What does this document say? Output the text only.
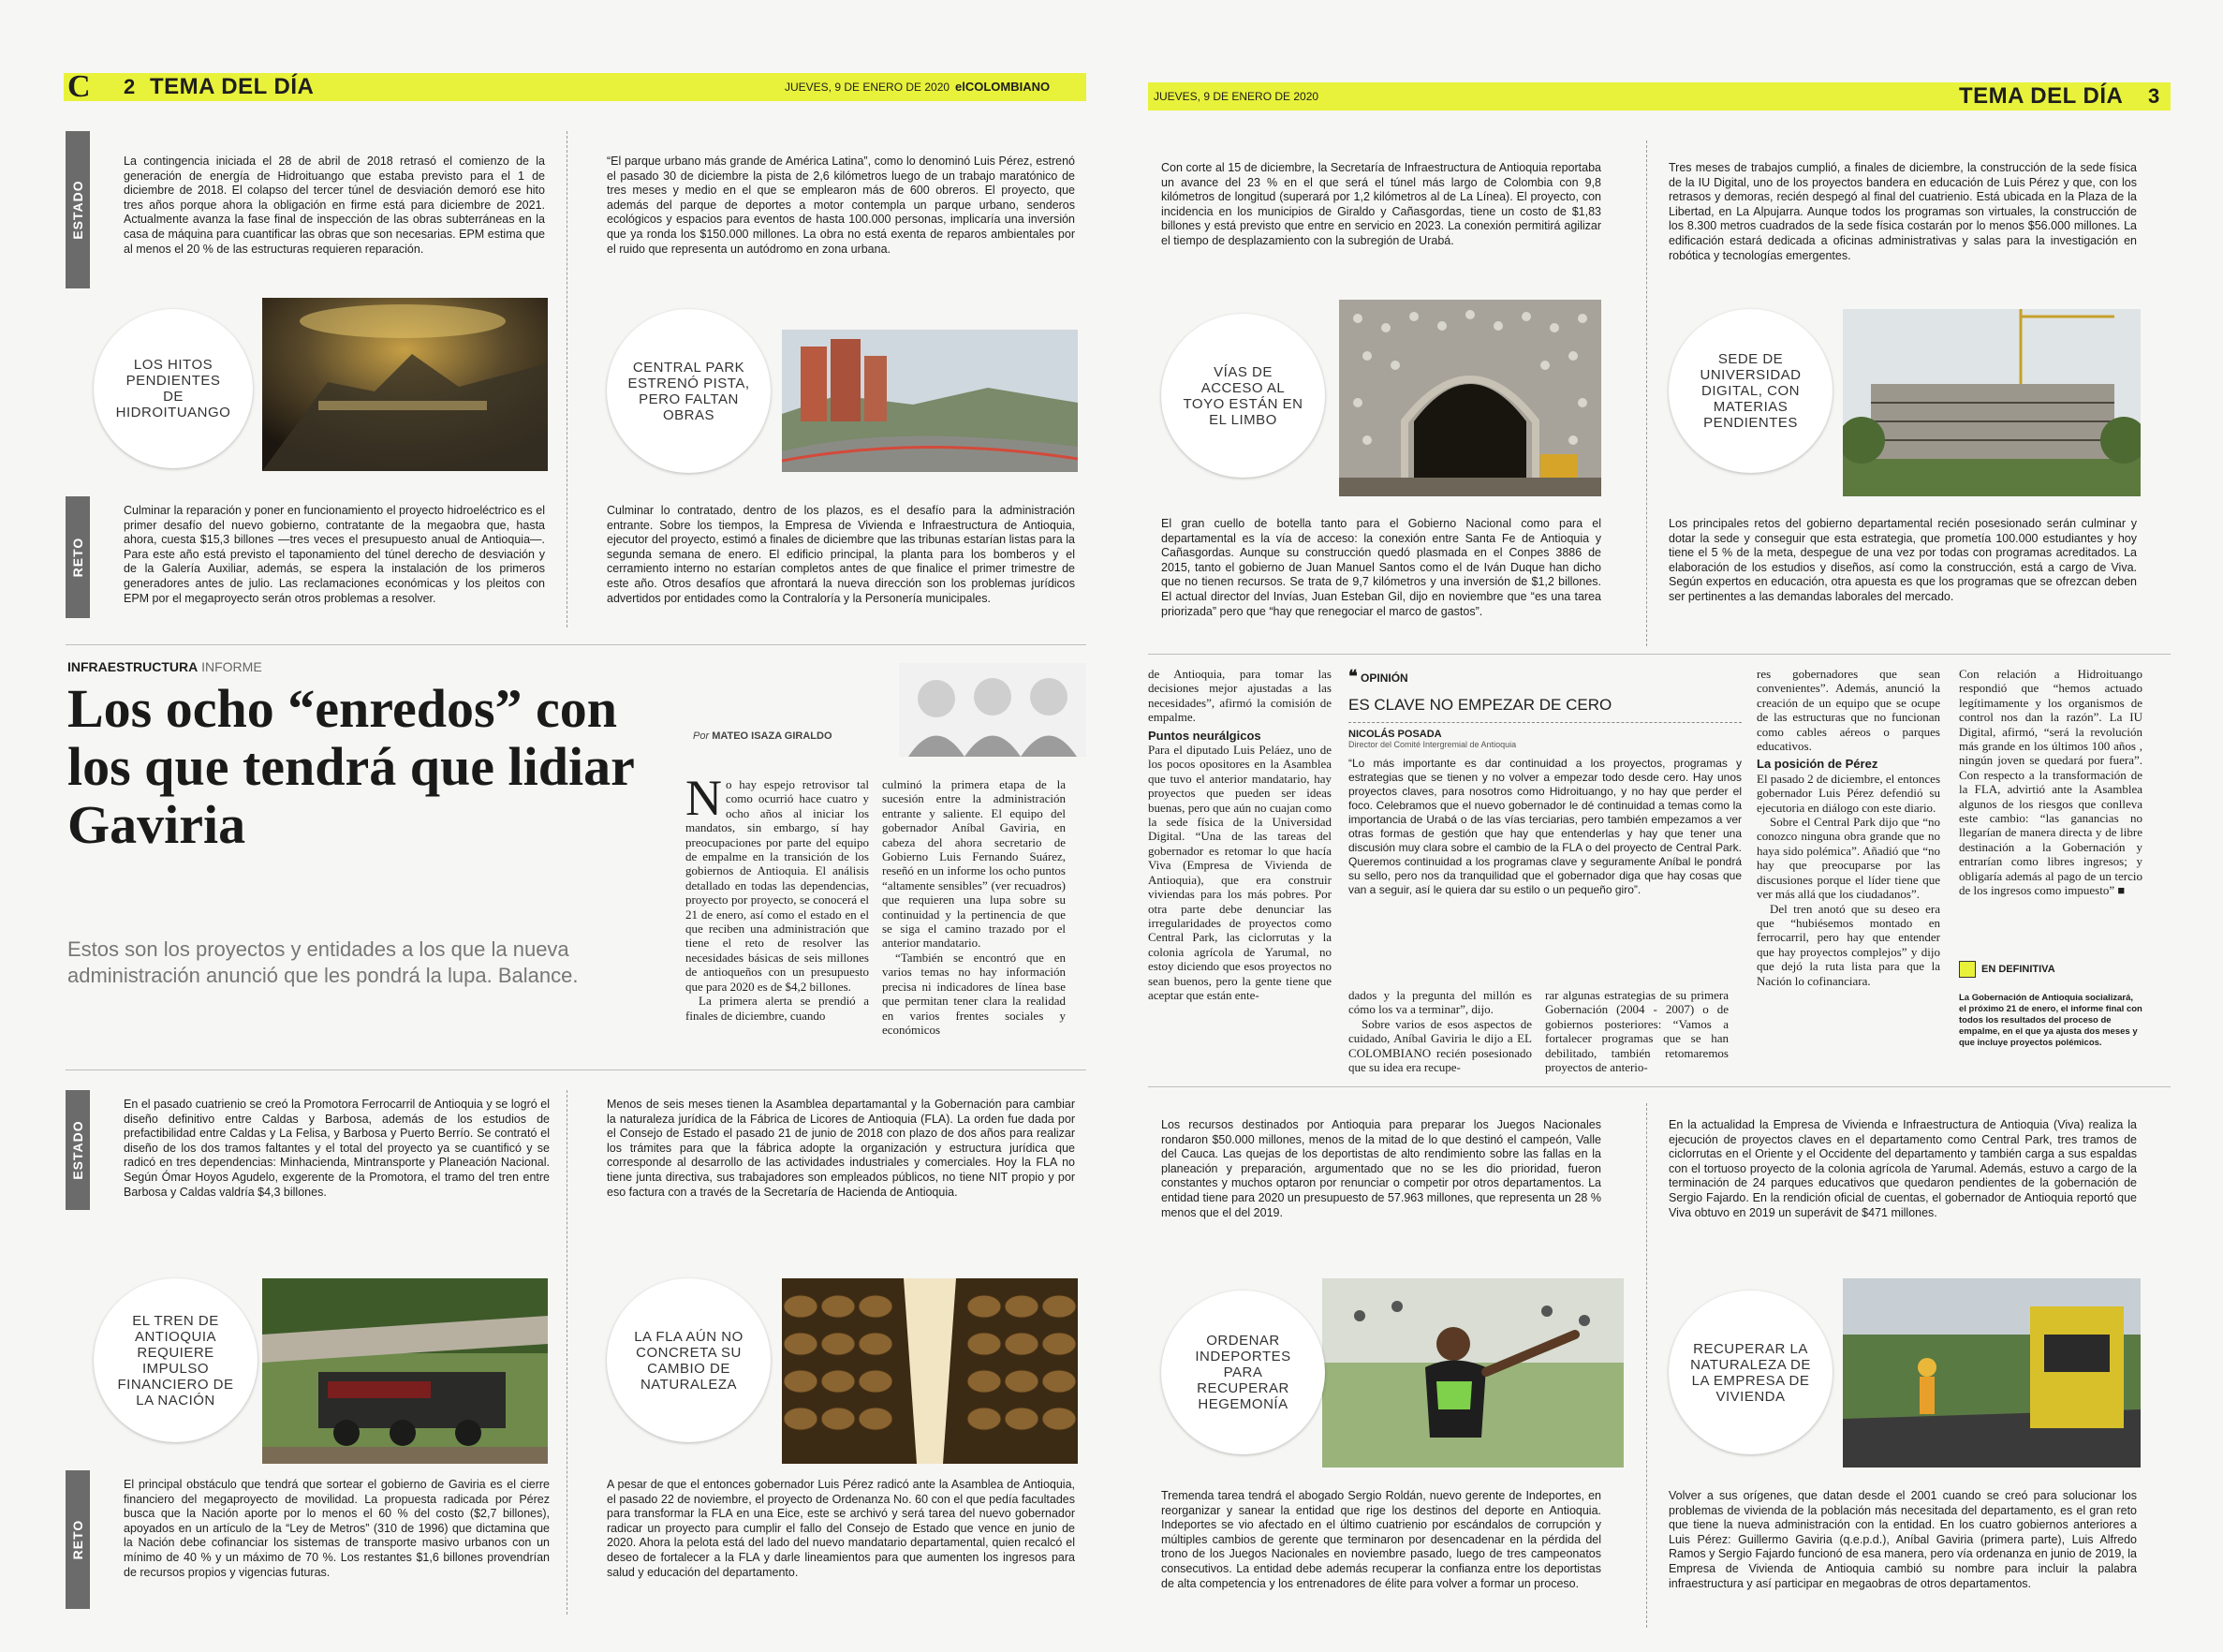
C 2 TEMA DEL DÍA	JUEVES, 9 DE ENERO DE 2020 elCOLOMBIANO
JUEVES, 9 DE ENERO DE 2020	TEMA DEL DÍA 3
ESTADO
La contingencia iniciada el 28 de abril de 2018 retrasó el comienzo de la generación de energía de Hidroituango que estaba previsto para el 1 de diciembre de 2018. El colapso del tercer túnel de desviación demoró ese hito tres años porque ahora la obligación en firme está para diciembre de 2021. Actualmente avanza la fase final de inspección de las obras subterráneas en la casa de máquina para cuantificar las obras que son necesarias. EPM estima que al menos el 20 % de las estructuras requieren reparación.
LOS HITOS PENDIENTES DE HIDROITUANGO
RETO
Culminar la reparación y poner en funcionamiento el proyecto hidroeléctrico es el primer desafío del nuevo gobierno, contratante de la megaobra que, hasta ahora, cuesta $15,3 billones —tres veces el presupuesto anual de Antioquia—. Para este año está previsto el taponamiento del túnel derecho de desviación y de la Galería Auxiliar, además, se espera la instalación de los primeros generadores antes de julio. Las reclamaciones económicas y los pleitos con EPM por el megaproyecto serán otros problemas a resolver.
“El parque urbano más grande de América Latina”, como lo denominó Luis Pérez, estrenó el pasado 30 de diciembre la pista de 2,6 kilómetros luego de un trabajo maratónico de tres meses y medio en el que se emplearon más de 600 obreros. El proyecto, que además del parque de deportes a motor contempla un parque urbano, senderos ecológicos y espacios para eventos de hasta 100.000 personas, implicaría una inversión que ya ronda los $150.000 millones. La obra no está exenta de reparos ambientales por el ruido que representa un autódromo en zona urbana.
CENTRAL PARK ESTRENÓ PISTA, PERO FALTAN OBRAS
Culminar lo contratado, dentro de los plazos, es el desafío para la administración entrante. Sobre los tiempos, la Empresa de Vivienda e Infraestructura de Antioquia, ejecutor del proyecto, estimó a finales de diciembre que las tribunas estarían listas para la segunda semana de enero. El edificio principal, la planta para los bomberos y el cerramiento interno no estarían completos antes de que finalice el primer trimestre de este año. Otros desafíos que afrontará la nueva dirección son los problemas jurídicos advertidos por entidades como la Contraloría y la Personería municipales.
Con corte al 15 de diciembre, la Secretaría de Infraestructura de Antioquia reportaba un avance del 23 % en el que será el túnel más largo de Colombia con 9,8 kilómetros de longitud (superará por 1,2 kilómetros al de La Línea). El proyecto, con incidencia en los municipios de Giraldo y Cañasgordas, tiene un costo de $1,83 billones y está previsto que entre en servicio en 2023. La conexión permitirá agilizar el tiempo de desplazamiento con la subregión de Urabá.
VÍAS DE ACCESO AL TOYO ESTÁN EN EL LIMBO
El gran cuello de botella tanto para el Gobierno Nacional como para el departamental es la vía de acceso: la conexión entre Santa Fe de Antioquia y Cañasgordas. Aunque su construcción quedó plasmada en el Conpes 3886 de 2015, tanto el gobierno de Juan Manuel Santos como el de Iván Duque han dicho que no tienen recursos. Se trata de 9,7 kilómetros y una inversión de $1,2 billones. El actual director del Invías, Juan Esteban Gil, dijo en noviembre que “es una tarea priorizada” pero que “hay que renegociar el marco de gastos”.
Tres meses de trabajos cumplió, a finales de diciembre, la construcción de la sede física de la IU Digital, uno de los proyectos bandera en educación de Luis Pérez y que, con los retrasos y demoras, recién despegó al final del cuatrienio. Está ubicada en la Plaza de la Libertad, en La Alpujarra. Aunque todos los programas son virtuales, la construcción de los 8.300 metros cuadrados de la sede física costarán por lo menos $56.000 millones. La edificación estará dedicada a oficinas administrativas y salas para la investigación en robótica y tecnologías emergentes.
SEDE DE UNIVERSIDAD DIGITAL, CON MATERIAS PENDIENTES
Los principales retos del gobierno departamental recién posesionado serán culminar y dotar la sede y conseguir que esta estrategia, que prometía 100.000 estudiantes y hoy tiene el 5 % de la meta, despegue de una vez por todas con programas acreditados. La elaboración de los estudios y diseños, así como la construcción, está a cargo de Viva. Según expertos en educación, otra apuesta es que los programas que se ofrezcan deben ser pertinentes a las demandas laborales del mercado.
INFRAESTRUCTURA INFORME
Los ocho “enredos” con los que tendrá que lidiar Gaviria
Estos son los proyectos y entidades a los que la nueva administración anunció que les pondrá la lupa. Balance.
Por MATEO ISAZA GIRALDO

No hay espejo retrovisor tal como ocurrió hace cuatro y ocho años al iniciar los mandatos, sin embargo, sí hay preocupaciones por parte del equipo de empalme en la transición de los gobiernos de Antioquia. El análisis detallado en todas las dependencias, proyecto por proyecto, se conocerá el 21 de enero, así como el estado en el que reciben una administración que tiene el reto de resolver las necesidades básicas de seis millones de antioqueños con un presupuesto que para 2020 es de $4,2 billones.

La primera alerta se prendió a finales de diciembre, cuando

culminó la primera etapa de la sucesión entre la administración entrante y saliente. El equipo del gobernador Aníbal Gaviria, en cabeza del ahora secretario de Gobierno Luis Fernando Suárez, reseñó en un informe los ocho puntos “altamente sensibles” (ver recuadros) que requieren una lupa sobre su continuidad y la pertinencia de que se siga el camino trazado por el anterior mandatario.

“También se encontró que en varios temas no hay información precisa ni indicadores de línea base que permitan tener clara la realidad en varios frentes sociales y económicos

de Antioquia, para tomar las decisiones mejor ajustadas a las necesidades”, afirmó la comisión de empalme.

Puntos neurálgicos

Para el diputado Luis Peláez, uno de los pocos opositores en la Asamblea que tuvo el anterior mandatario, hay proyectos que pueden ser ideas buenas, pero que aún no cuajan como la sede física de la Universidad Digital. “Una de las tareas del gobernador es retomar lo que hacía Viva (Empresa de Vivienda de Antioquia), que era construir viviendas para los más pobres. Por otra parte debe denunciar las irregularidades de proyectos como Central Park, las ciclorrutas y la colonia agrícola de Yarumal, no estoy diciendo que esos proyectos no sean buenos, pero la gente tiene que aceptar que están ente-

❝ OPINIÓN
ES CLAVE NO EMPEZAR DE CERO
NICOLÁS POSADA
Director del Comité Intergremial de Antioquia
“Lo más importante es dar continuidad a los proyectos, programas y estrategias que se tienen y no volver a empezar todo desde cero. Hay unos proyectos claves, para nosotros como Hidroituango, y no hay que perder el foco. Celebramos que el nuevo gobernador le dé continuidad a temas como la importancia de Urabá o de las vías terciarias, pero también empezamos a ver otras formas de gestión que hay que entenderlas y hay que tener una discusión muy clara sobre el cambio de la FLA o del proyecto de Central Park. Queremos continuidad a los programas clave y seguramente Aníbal le pondrá su sello, pero nos da tranquilidad que el gobernador diga que hay cosas que van a seguir, así le quiera dar su estilo o un pequeño giro”.

dados y la pregunta del millón es cómo los va a terminar”, dijo.

Sobre varios de esos aspectos de cuidado, Aníbal Gaviria le dijo a EL COLOMBIANO recién posesionado que su idea era recupe-

rar algunas estrategias de su primera Gobernación (2004 - 2007) o de gobiernos posteriores: “Vamos a fortalecer programas que se han debilitado, también retomaremos proyectos de anterio-

res gobernadores que sean convenientes”. Además, anunció la creación de un equipo que se ocupe de las estructuras que no funcionan como cables aéreos o parques educativos.

La posición de Pérez

El pasado 2 de diciembre, el entonces gobernador Luis Pérez defendió su ejecutoria en diálogo con este diario.

Sobre el Central Park dijo que “no conozco ninguna obra grande que no haya sido polémica”. Añadió que “no hay que preocuparse por las discusiones porque el líder tiene que ver más allá que los ciudadanos”.

Del tren anotó que su deseo era que “hubiésemos montado en ferrocarril, pero hay que entender que hay proyectos complejos” y dijo que dejó la ruta lista para que la Nación lo cofinanciara.

Con relación a Hidroituango respondió que “hemos actuado legítimamente y los organismos de control nos dan la razón”. La IU Digital, afirmó, “será la revolución más grande en los últimos 100 años , ningún joven se quedará por fuera”. Con respecto a la transformación de la FLA, advirtió ante la Asamblea algunos de los riesgos que conlleva este cambio: “las ganancias no llegarían de manera directa y de libre destinación a la Gobernación y entrarían como libres ingresos; y obligaría además al pago de un tercio de los ingresos como impuesto” ■

EN DEFINITIVA
La Gobernación de Antioquia socializará, el próximo 21 de enero, el informe final con todos los resultados del proceso de empalme, en el que ya ajusta dos meses y que incluye proyectos polémicos.
ESTADO
En el pasado cuatrienio se creó la Promotora Ferrocarril de Antioquia y se logró el diseño definitivo entre Caldas y Barbosa, además de los estudios de prefactibilidad entre Caldas y La Felisa, y Barbosa y Puerto Berrío. Se contrató el diseño de los dos tramos faltantes y el total del proyecto ya se cuantificó y se radicó en tres dependencias: Minhacienda, Mintransporte y Planeación Nacional. Según Ómar Hoyos Agudelo, exgerente de la Promotora, el tramo del tren entre Barbosa y Caldas valdría $4,3 billones.
EL TREN DE ANTIOQUIA REQUIERE IMPULSO FINANCIERO DE LA NACIÓN
RETO
El principal obstáculo que tendrá que sortear el gobierno de Gaviria es el cierre financiero del megaproyecto de movilidad. La propuesta radicada por Pérez busca que la Nación aporte por lo menos el 60 % del costo ($2,7 billones), apoyados en un artículo de la “Ley de Metros” (310 de 1996) que dictamina que la Nación debe cofinanciar los sistemas de transporte masivo urbanos con un mínimo de 40 % y un máximo de 70 %. Los restantes $1,6 billones provendrían de recursos propios y vigencias futuras.
Menos de seis meses tienen la Asamblea departamantal y la Gobernación para cambiar la naturaleza jurídica de la Fábrica de Licores de Antioquia (FLA). La orden fue dada por el Consejo de Estado el pasado 21 de junio de 2018 con plazo de dos años para realizar los trámites para que la fábrica adopte la organización y estructura jurídica que corresponde al desarrollo de las actividades industriales y comerciales. Hoy la FLA no tiene junta directiva, sus trabajadores son empleados públicos, no tiene NIT propio y por eso factura con a través de la Secretaría de Hacienda de Antioquia.
LA FLA AÚN NO CONCRETA SU CAMBIO DE NATURALEZA
A pesar de que el entonces gobernador Luis Pérez radicó ante la Asamblea de Antioquia, el pasado 22 de noviembre, el proyecto de Ordenanza No. 60 con el que pedía facultades para transformar la FLA en una Eice, este se archivó y será tarea del nuevo gobernador radicar un proyecto para cumplir el fallo del Consejo de Estado que vence en junio de 2020. Ahora la pelota está del lado del nuevo mandatario departamental, quien recalcó el deseo de fortalecer a la FLA y darle lineamientos para que aumenten los ingresos para salud y educación del departamento.
Los recursos destinados por Antioquia para preparar los Juegos Nacionales rondaron $50.000 millones, menos de la mitad de lo que destinó el campeón, Valle del Cauca. Las quejas de los deportistas de alto rendimiento sobre las fallas en la planeación y preparación, argumentado que no se les dio prioridad, fueron constantes y muchos optaron por renunciar o competir por otros departamentos. La entidad tiene para 2020 un presupuesto de 57.963 millones, que representa un 28 % menos que el del 2019.
ORDENAR INDEPORTES PARA RECUPERAR HEGEMONÍA
Tremenda tarea tendrá el abogado Sergio Roldán, nuevo gerente de Indeportes, en reorganizar y sanear la entidad que rige los destinos del deporte en Antioquia. Indeportes se vio afectado en el último cuatrienio por escándalos de corrupción y múltiples cambios de gerente que terminaron por desencadenar en la pérdida del trono de los Juegos Nacionales en noviembre pasado, luego de tres campeonatos consecutivos. La entidad debe además recuperar la confianza entre los deportistas de alta competencia y los entrenadores de élite para volver a formar un proceso.
En la actualidad la Empresa de Vivienda e Infraestructura de Antioquia (Viva) realiza la ejecución de proyectos claves en el departamento como Central Park, tres tramos de ciclorrutas en el Oriente y el Occidente del departamento y también carga a sus espaldas con el tortuoso proyecto de la colonia agrícola de Yarumal. Además, estuvo a cargo de la terminación de 24 parques educativos que quedaron pendientes de la gobernación de Sergio Fajardo. En la rendición oficial de cuentas, el gobernador de Antioquia reportó que Viva obtuvo en 2019 un superávit de $471 millones.
RECUPERAR LA NATURALEZA DE LA EMPRESA DE VIVIENDA
Volver a sus orígenes, que datan desde el 2001 cuando se creó para solucionar los problemas de vivienda de la población más necesitada del departamento, es el gran reto que tiene la nueva administración con la entidad. En los cuatro gobiernos anteriores a Luis Pérez: Guillermo Gaviria (q.e.p.d.), Aníbal Gaviria (primera parte), Luis Alfredo Ramos y Sergio Fajardo funcionó de esa manera, pero vía ordenanza en junio de 2019, la Empresa de Vivienda de Antioquia cambió su nombre para incluir la palabra infraestructura y así participar en megaobras de otros departamentos.
